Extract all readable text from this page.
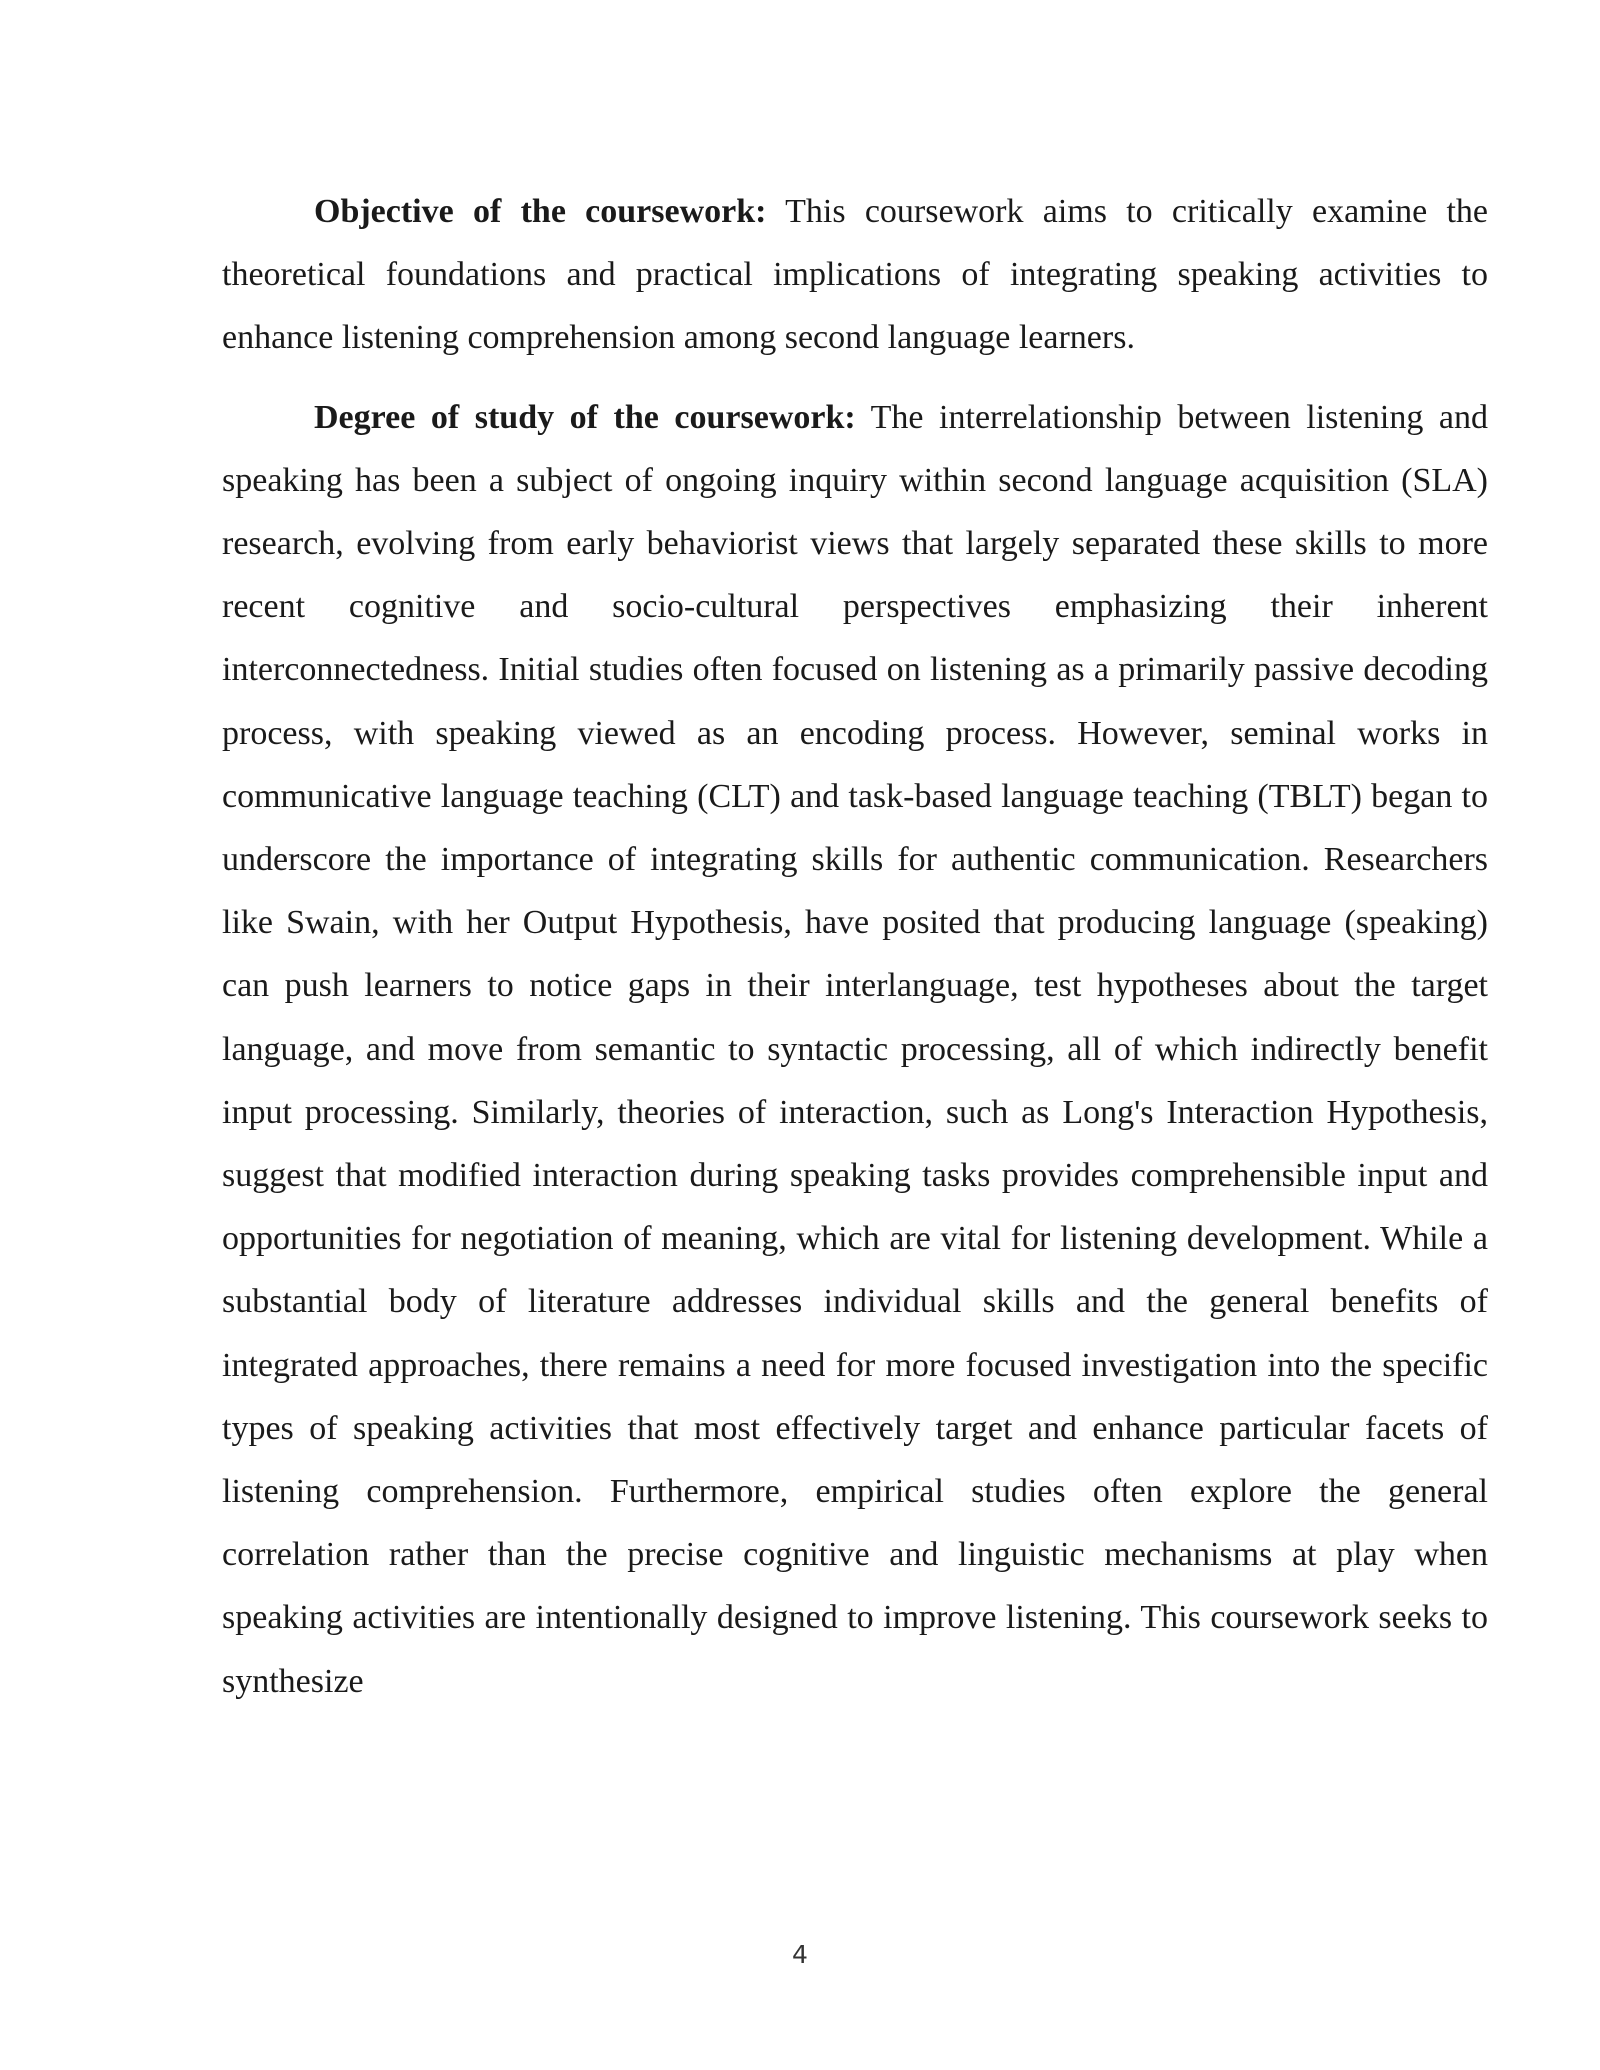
Objective of the coursework: This coursework aims to critically examine the theoretical foundations and practical implications of integrating speaking activities to enhance listening comprehension among second language learners.

Degree of study of the coursework: The interrelationship between listening and speaking has been a subject of ongoing inquiry within second language acquisition (SLA) research, evolving from early behaviorist views that largely separated these skills to more recent cognitive and socio-cultural perspectives emphasizing their inherent interconnectedness. Initial studies often focused on listening as a primarily passive decoding process, with speaking viewed as an encoding process. However, seminal works in communicative language teaching (CLT) and task-based language teaching (TBLT) began to underscore the importance of integrating skills for authentic communication. Researchers like Swain, with her Output Hypothesis, have posited that producing language (speaking) can push learners to notice gaps in their interlanguage, test hypotheses about the target language, and move from semantic to syntactic processing, all of which indirectly benefit input processing. Similarly, theories of interaction, such as Long's Interaction Hypothesis, suggest that modified interaction during speaking tasks provides comprehensible input and opportunities for negotiation of meaning, which are vital for listening development. While a substantial body of literature addresses individual skills and the general benefits of integrated approaches, there remains a need for more focused investigation into the specific types of speaking activities that most effectively target and enhance particular facets of listening comprehension. Furthermore, empirical studies often explore the general correlation rather than the precise cognitive and linguistic mechanisms at play when speaking activities are intentionally designed to improve listening. This coursework seeks to synthesize

4
